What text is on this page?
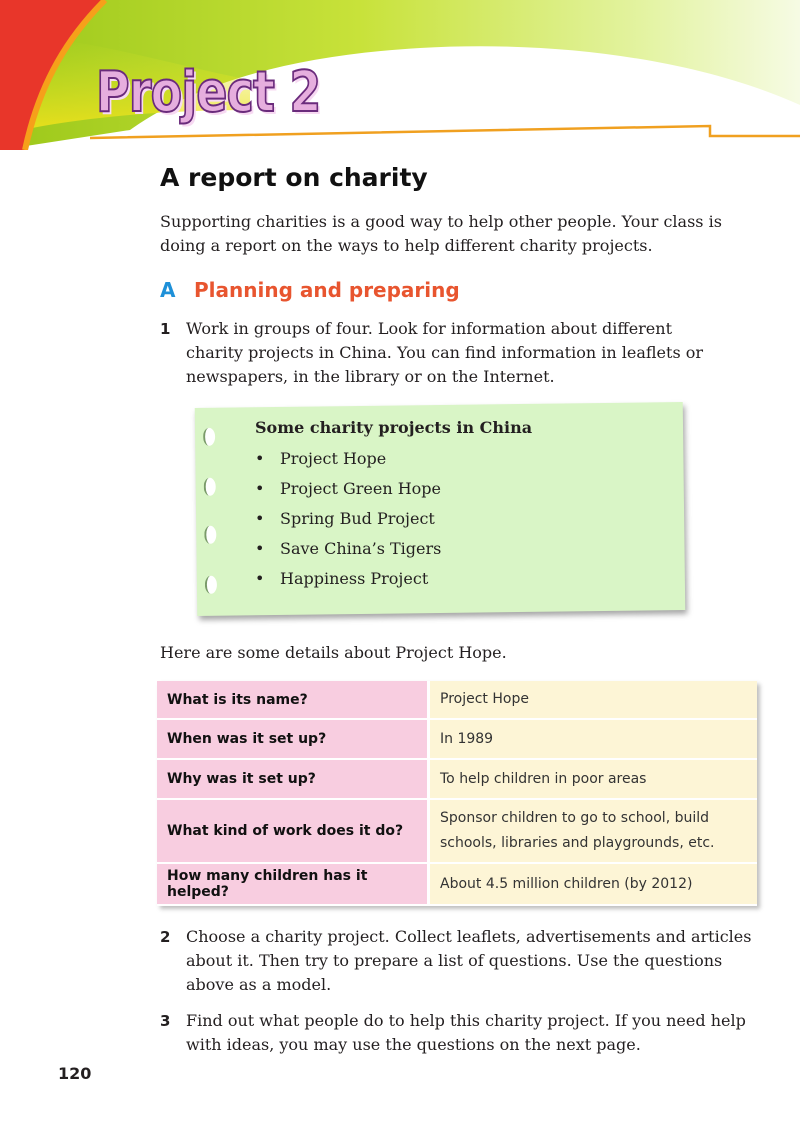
Project 2
A report on charity
Supporting charities is a good way to help other people. Your class is doing a report on the ways to help different charity projects.
A Planning and preparing
1 Work in groups of four. Look for information about different charity projects in China. You can find information in leaflets or newspapers, in the library or on the Internet.
Some charity projects in China
• Project Hope
• Project Green Hope
• Spring Bud Project
• Save China’s Tigers
• Happiness Project
Here are some details about Project Hope.
What is its name?	Project Hope
When was it set up?	In 1989
Why was it set up?	To help children in poor areas
What kind of work does it do?	Sponsor children to go to school, build schools, libraries and playgrounds, etc.
How many children has it helped?	About 4.5 million children (by 2012)
2 Choose a charity project. Collect leaflets, advertisements and articles about it. Then try to prepare a list of questions. Use the questions above as a model.
3 Find out what people do to help this charity project. If you need help with ideas, you may use the questions on the next page.
120
